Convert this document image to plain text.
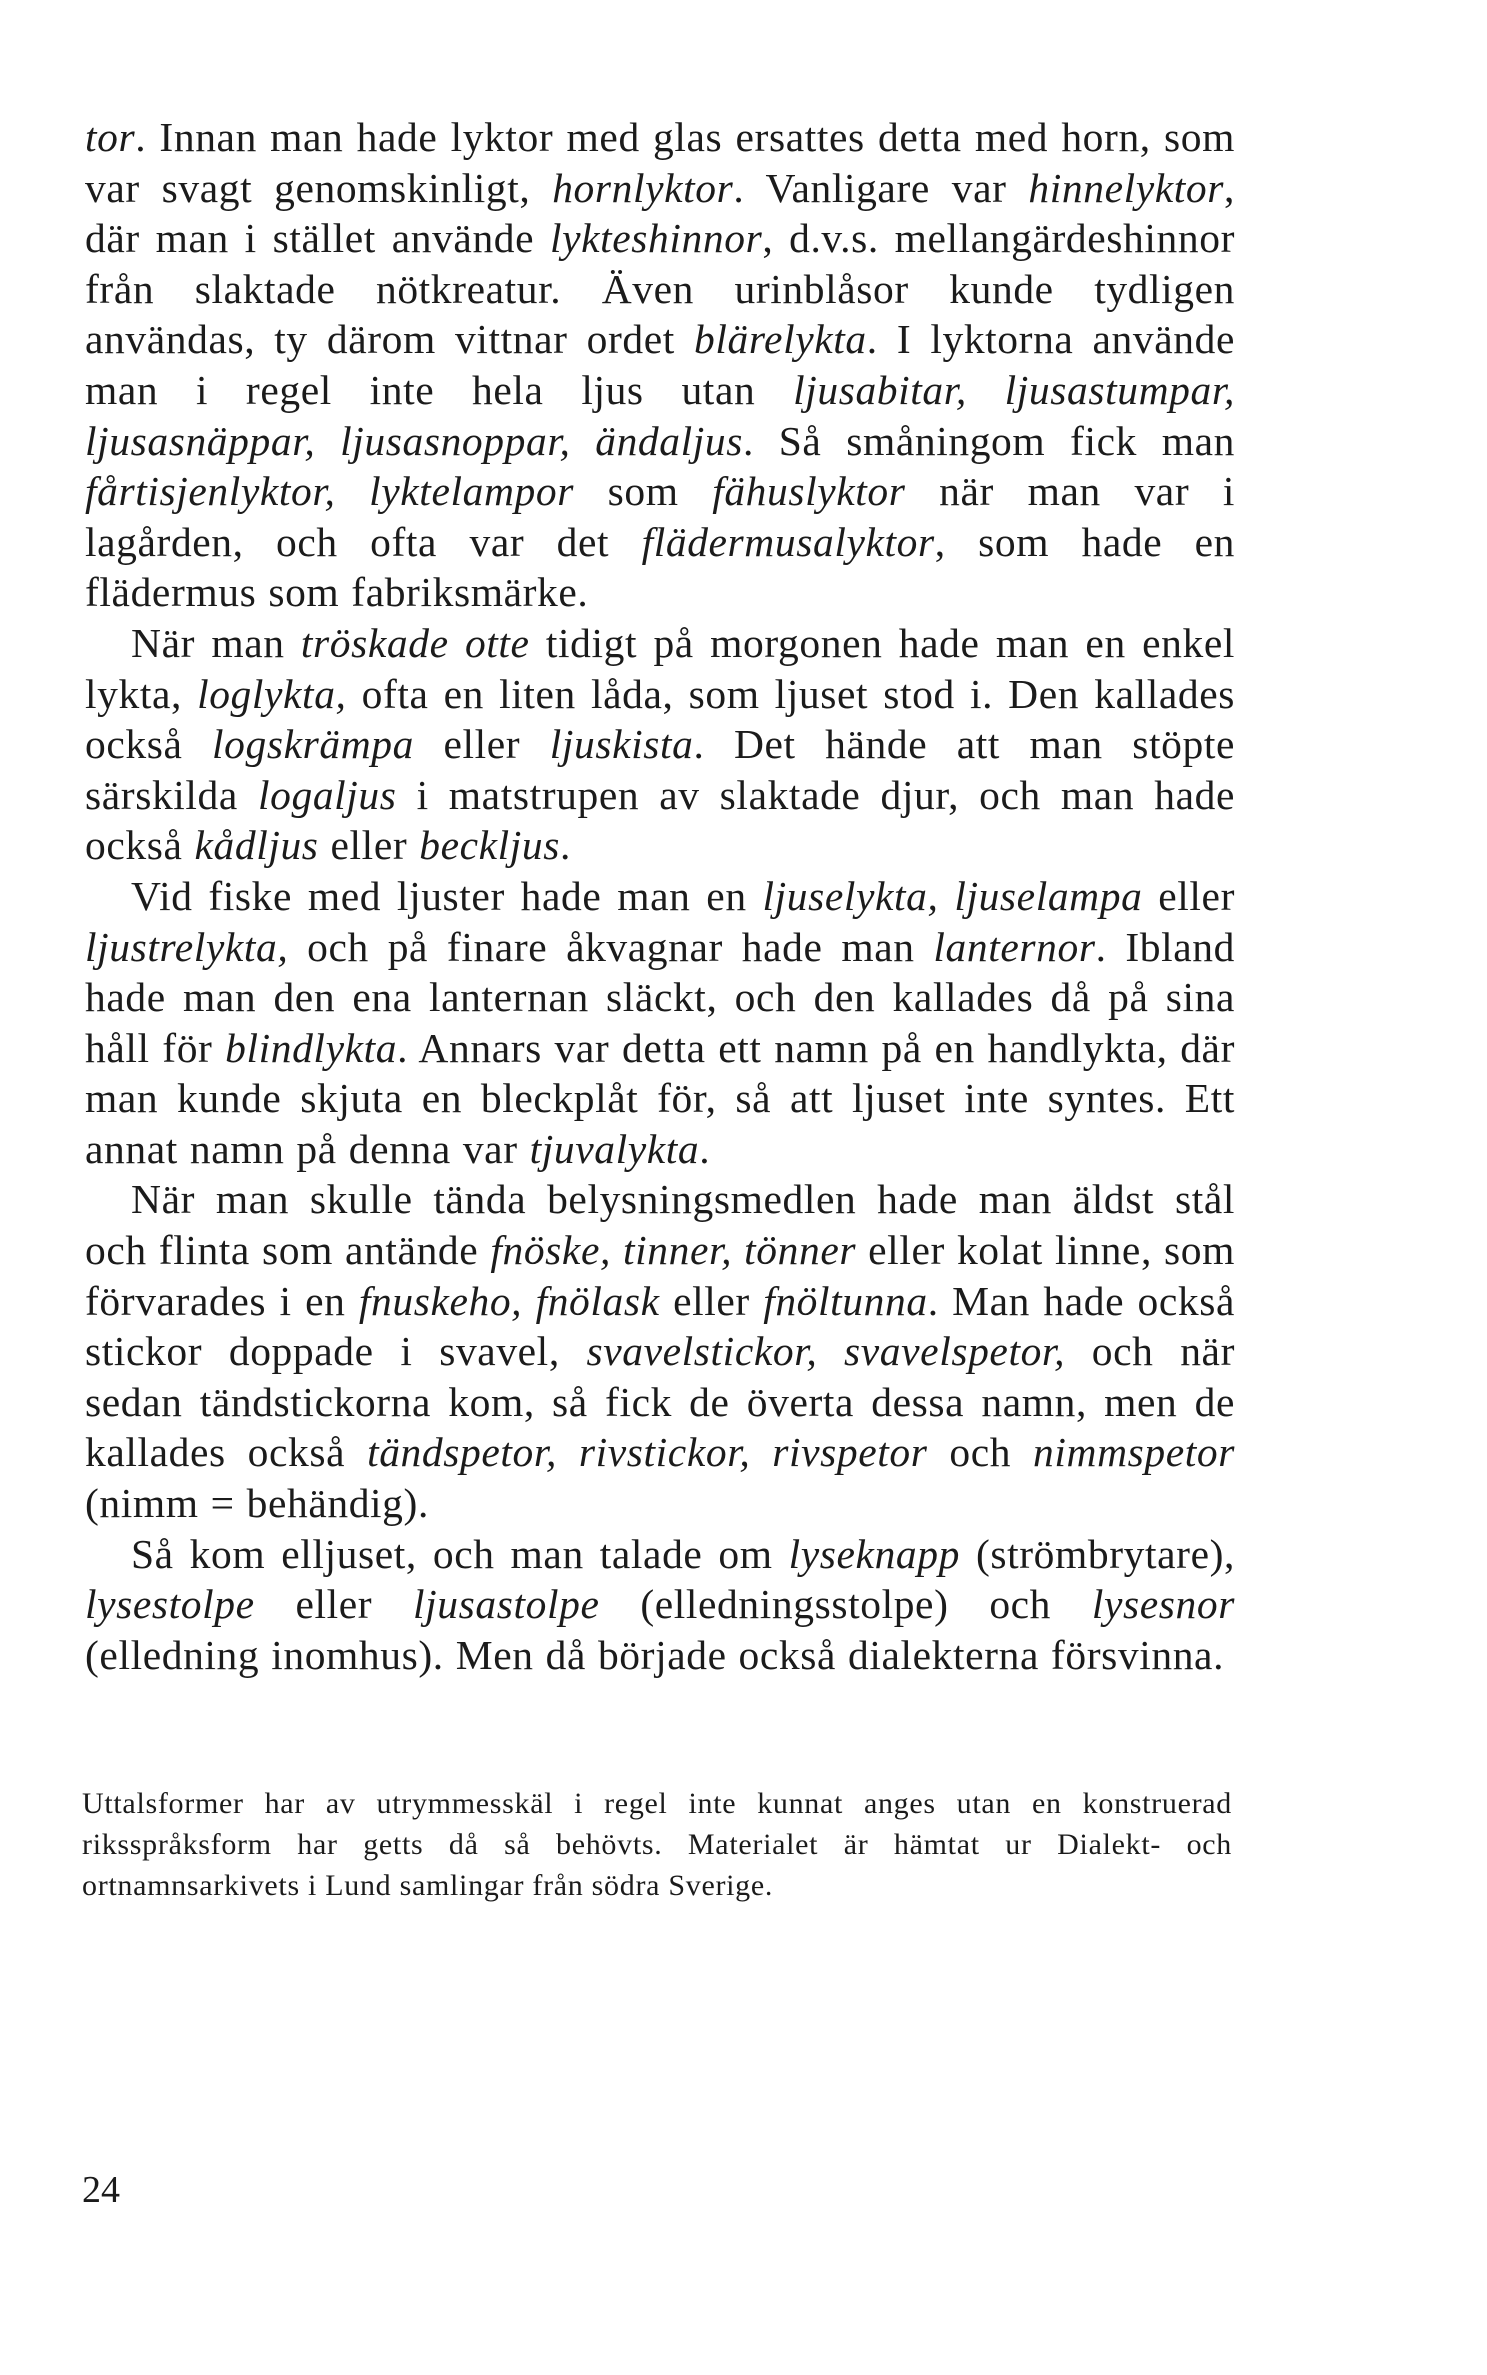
tor. Innan man hade lyktor med glas ersattes detta med horn, som var svagt genomskinligt, hornlyktor. Vanligare var hinnelyktor, där man i stället använde lykteshinnor, d.v.s. mellangärdeshinnor från slaktade nötkreatur. Även urinblåsor kunde tydligen användas, ty därom vittnar ordet blärelykta. I lyktorna använde man i regel inte hela ljus utan ljusabitar, ljusastumpar, ljusasnäppar, ljusasnoppar, ändaljus. Så småningom fick man fårtisjenlyktor, lyktelampor som fähuslyktor när man var i lagården, och ofta var det flädermusalyktor, som hade en flädermus som fabriksmärke.

När man tröskade otte tidigt på morgonen hade man en enkel lykta, loglykta, ofta en liten låda, som ljuset stod i. Den kallades också logskrämpa eller ljuskista. Det hände att man stöpte särskilda logaljus i matstrupen av slaktade djur, och man hade också kådljus eller beckljus.

Vid fiske med ljuster hade man en ljuselykta, ljuselampa eller ljustrelykta, och på finare åkvagnar hade man lanternor. Ibland hade man den ena lanternan släckt, och den kallades då på sina håll för blindlykta. Annars var detta ett namn på en handlykta, där man kunde skjuta en bleckplåt för, så att ljuset inte syntes. Ett annat namn på denna var tjuvalykta.

När man skulle tända belysningsmedlen hade man äldst stål och flinta som antände fnöske, tinner, tönner eller kolat linne, som förvarades i en fnuskeho, fnölask eller fnöltunna. Man hade också stickor doppade i svavel, svavelstickor, svavelspetor, och när sedan tändstickorna kom, så fick de överta dessa namn, men de kallades också tändspetor, rivstickor, rivspetor och nimmspetor (nimm = behändig).

Så kom elljuset, och man talade om lyseknapp (strömbrytare), lysestolpe eller ljusastolpe (elledningsstolpe) och lysesnor (elledning inomhus). Men då började också dialekterna försvinna.

Uttalsformer har av utrymmesskäl i regel inte kunnat anges utan en konstruerad riksspråksform har getts då så behövts. Materialet är hämtat ur Dialekt- och ortnamnsarkivets i Lund samlingar från södra Sverige.

24
